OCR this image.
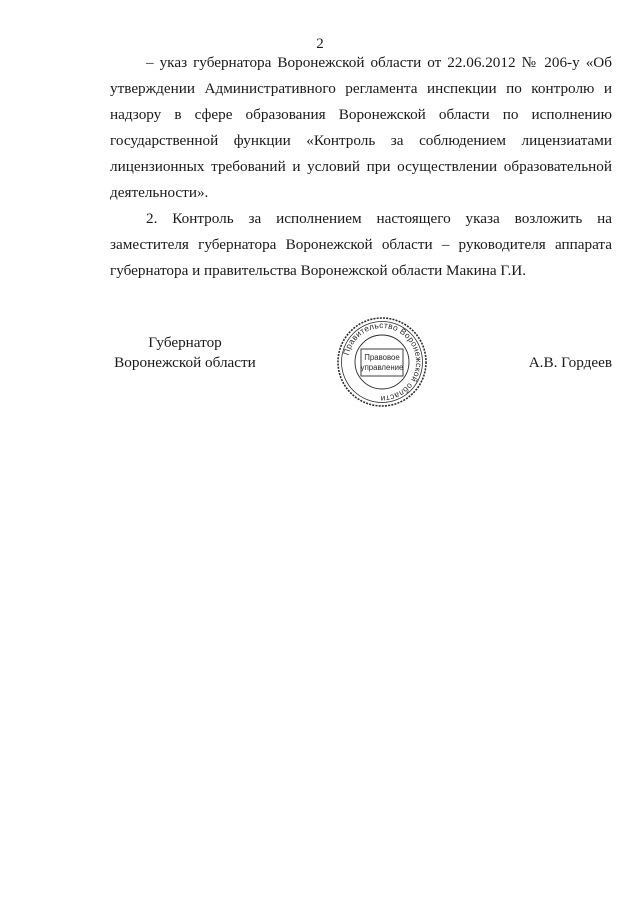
2

– указ губернатора Воронежской области от 22.06.2012 № 206-у «Об утверждении Административного регламента инспекции по контролю и надзору в сфере образования Воронежской области по исполнению государственной функции «Контроль за соблюдением лицензиатами лицензионных требований и условий при осуществлении образовательной деятельности».

2. Контроль за исполнением настоящего указа возложить на заместителя губернатора Воронежской области – руководителя аппарата губернатора и правительства Воронежской области Макина Г.И.

Губернатор
Воронежской области
Правительство Воронежской области
Правовое
управление	А.В. Гордеев
